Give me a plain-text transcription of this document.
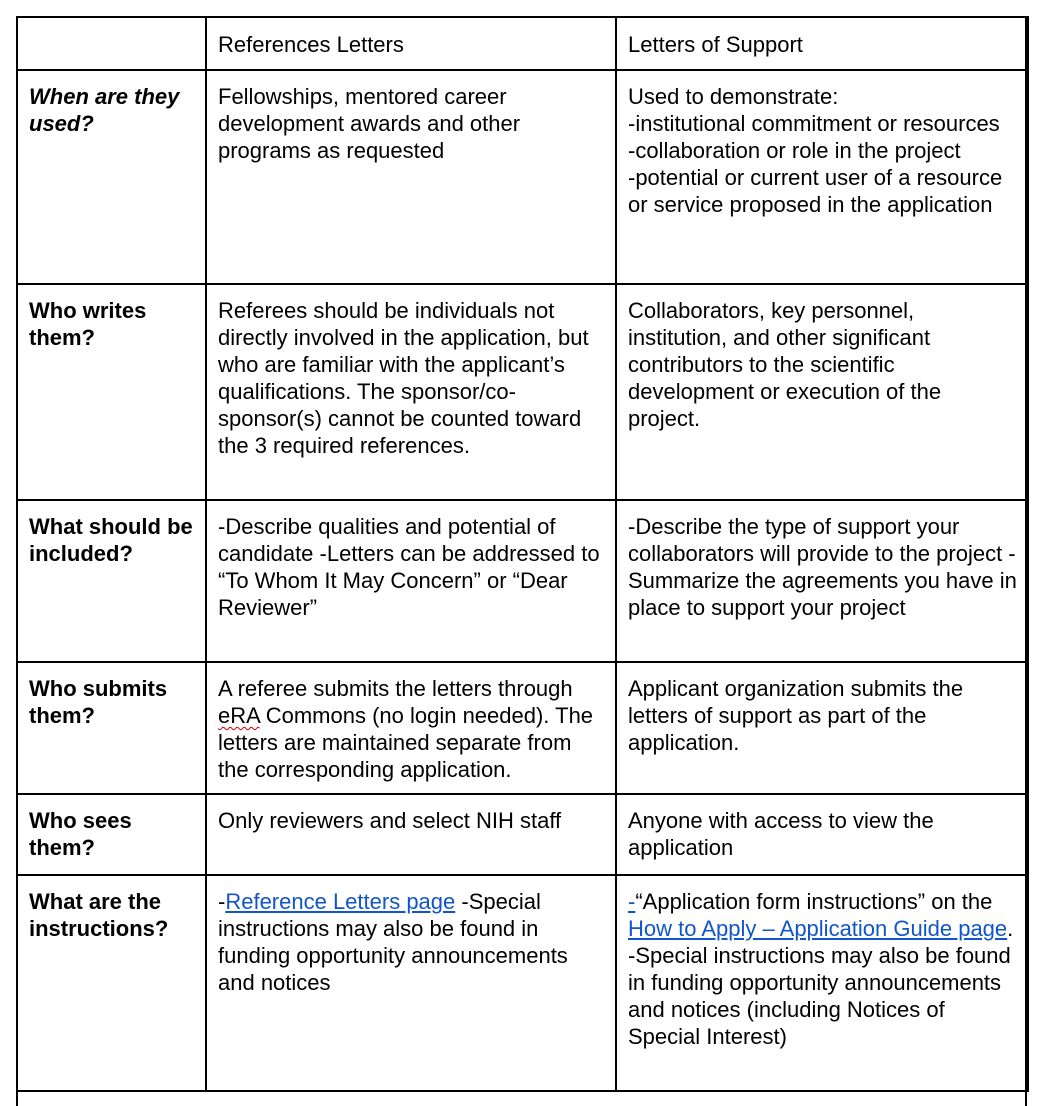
	References Letters	Letters of Support
When are they used?	Fellowships, mentored career development awards and other programs as requested	Used to demonstrate:
-institutional commitment or resources
-collaboration or role in the project
-potential or current user of a resource or service proposed in the application

Who writes them?	Referees should be individuals not directly involved in the application, but who are familiar with the applicant’s qualifications. The sponsor/co-sponsor(s) cannot be counted toward the 3 required references.	Collaborators, key personnel, institution, and other significant contributors to the scientific development or execution of the project.
What should be included?	-Describe qualities and potential of candidate -Letters can be addressed to “To Whom It May Concern” or “Dear Reviewer”	-Describe the type of support your collaborators will provide to the project -Summarize the agreements you have in place to support your project
Who submits them?	A referee submits the letters through eRA Commons (no login needed). The letters are maintained separate from the corresponding application.	Applicant organization submits the letters of support as part of the application.
Who sees them?	Only reviewers and select NIH staff	Anyone with access to view the application
What are the instructions?	-Reference Letters page -Special instructions may also be found in funding opportunity announcements and notices	-“Application form instructions” on the How to Apply – Application Guide page. -Special instructions may also be found in funding opportunity announcements and notices (including Notices of Special Interest)
